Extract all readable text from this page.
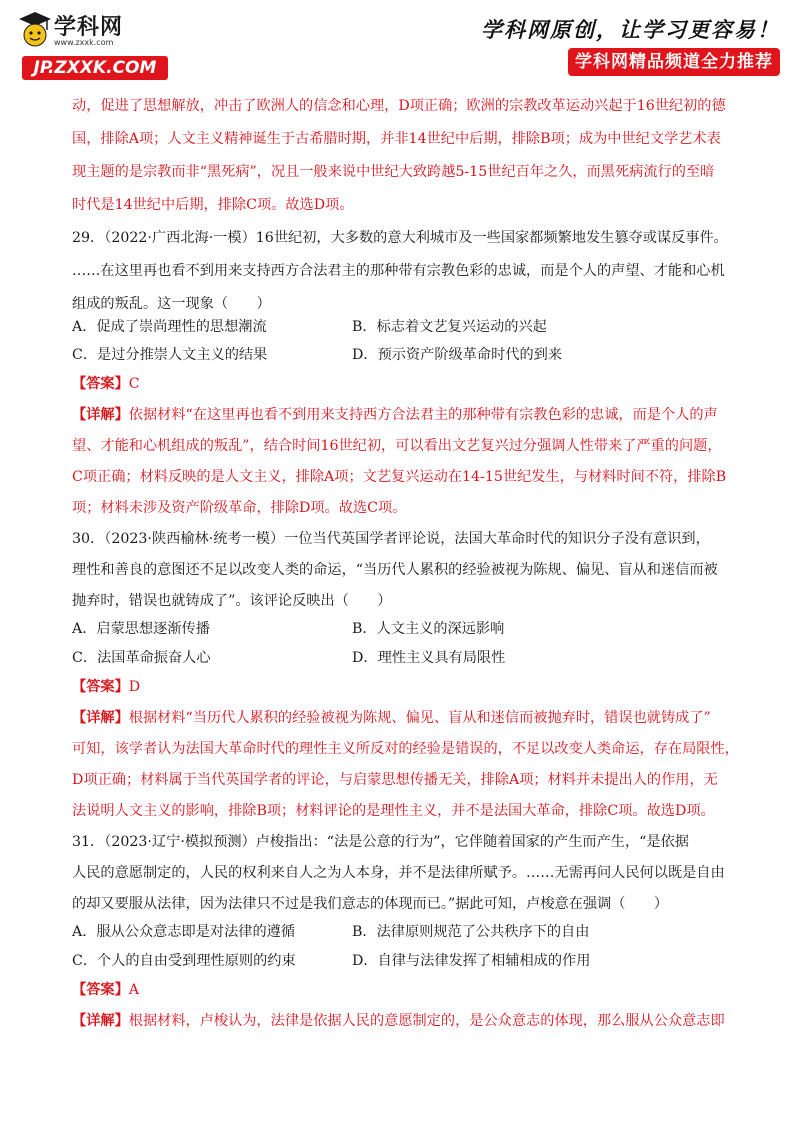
学科网
www.zxxk.com
JP.ZXXK.COM
学科网原创，让学习更容易！
学科网精品频道全力推荐
动，促进了思想解放，冲击了欧洲人的信念和心理，D项正确；欧洲的宗教改革运动兴起于16世纪初的德
国，排除A项；人文主义精神诞生于古希腊时期，并非14世纪中后期，排除B项；成为中世纪文学艺术表
现主题的是宗教而非“黑死病”，况且一般来说中世纪大致跨越5-15世纪百年之久，而黑死病流行的至暗
时代是14世纪中后期，排除C项。故选D项。
29．（2022·广西北海·一模）16世纪初，大多数的意大利城市及一些国家都频繁地发生篡夺或谋反事件。
……在这里再也看不到用来支持西方合法君主的那种带有宗教色彩的忠诚，而是个人的声望、才能和心机
组成的叛乱。这一现象（　　）
A．促成了崇尚理性的思想潮流	B．标志着文艺复兴运动的兴起
C．是过分推崇人文主义的结果	D．预示资产阶级革命时代的到来
【答案】C
【详解】依据材料“在这里再也看不到用来支持西方合法君主的那种带有宗教色彩的忠诚，而是个人的声
望、才能和心机组成的叛乱”，结合时间16世纪初，可以看出文艺复兴过分强调人性带来了严重的问题，
C项正确；材料反映的是人文主义，排除A项；文艺复兴运动在14-15世纪发生，与材料时间不符，排除B
项；材料未涉及资产阶级革命，排除D项。故选C项。
30．（2023·陕西榆林·统考一模）一位当代英国学者评论说，法国大革命时代的知识分子没有意识到，
理性和善良的意图还不足以改变人类的命运，“当历代人累积的经验被视为陈规、偏见、盲从和迷信而被
抛弃时，错误也就铸成了”。该评论反映出（　　）
A．启蒙思想逐渐传播	B．人文主义的深远影响
C．法国革命振奋人心	D．理性主义具有局限性
【答案】D
【详解】根据材料“当历代人累积的经验被视为陈规、偏见、盲从和迷信而被抛弃时，错误也就铸成了”
可知，该学者认为法国大革命时代的理性主义所反对的经验是错误的，不足以改变人类命运，存在局限性，
D项正确；材料属于当代英国学者的评论，与启蒙思想传播无关，排除A项；材料并未提出人的作用，无
法说明人文主义的影响，排除B项；材料评论的是理性主义，并不是法国大革命，排除C项。故选D项。
31．（2023·辽宁·模拟预测）卢梭指出：“法是公意的行为”，它伴随着国家的产生而产生，“是依据
人民的意愿制定的，人民的权利来自人之为人本身，并不是法律所赋予。……无需再问人民何以既是自由
的却又要服从法律，因为法律只不过是我们意志的体现而已。”据此可知，卢梭意在强调（　　）
A．服从公众意志即是对法律的遵循	B．法律原则规范了公共秩序下的自由
C．个人的自由受到理性原则的约束	D．自律与法律发挥了相辅相成的作用
【答案】A
【详解】根据材料，卢梭认为，法律是依据人民的意愿制定的，是公众意志的体现，那么服从公众意志即
